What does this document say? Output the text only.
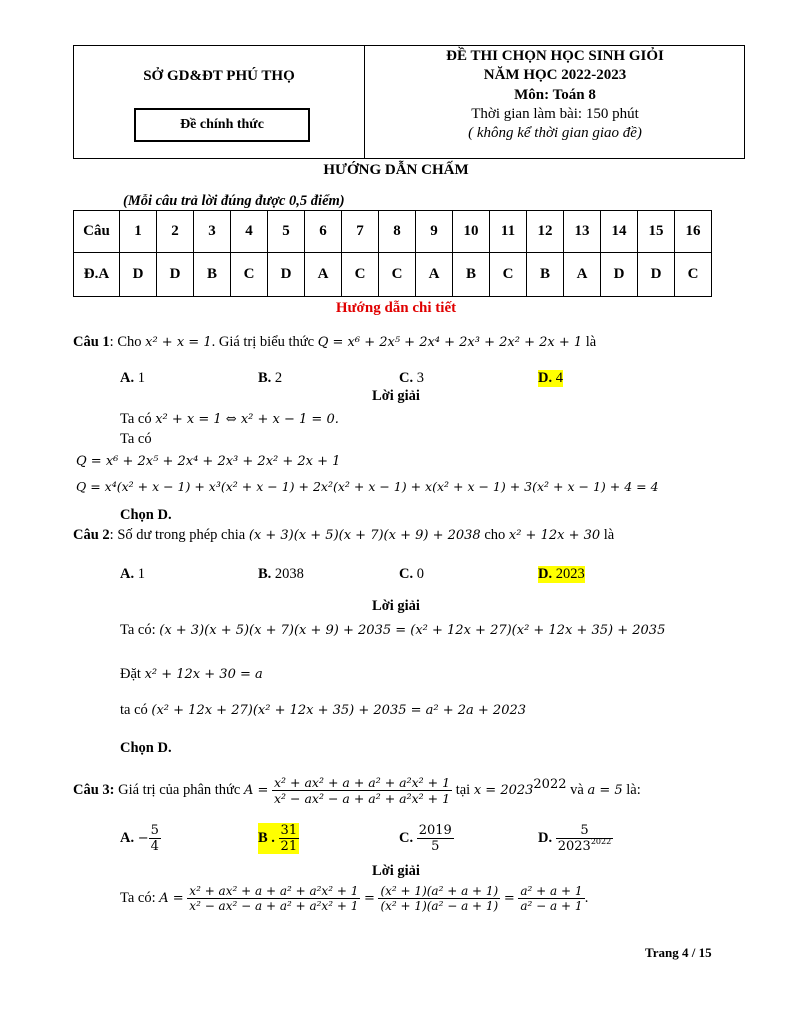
SỞ GD&ĐT PHÚ THỌ
Đề chính thức
ĐỀ THI CHỌN HỌC SINH GIỎI
NĂM HỌC 2022-2023
Môn: Toán 8
Thời gian làm bài: 150 phút
( không kể thời gian giao đề)
HƯỚNG DẪN CHẤM
(Mỗi câu trả lời đúng được 0,5 điểm)
Câu	1	2	3	4	5	6	7	8	9	10	11	12	13	14	15	16
Đ.A	D	D	B	C	D	A	C	C	A	B	C	B	A	D	D	C
Hướng dẫn chi tiết
Câu 1: Cho x² + x = 1. Giá trị biểu thức Q = x⁶ + 2x⁵ + 2x⁴ + 2x³ + 2x² + 2x + 1 là
A. 1	B. 2	C. 3	D. 4
Lời giải
Ta có x² + x = 1 ⇔ x² + x − 1 = 0.
Ta có
Q = x⁶ + 2x⁵ + 2x⁴ + 2x³ + 2x² + 2x + 1
Q = x⁴(x² + x − 1) + x³(x² + x − 1) + 2x²(x² + x − 1) + x(x² + x − 1) + 3(x² + x − 1) + 4 = 4
Chọn D.
Câu 2: Số dư trong phép chia (x + 3)(x + 5)(x + 7)(x + 9) + 2038 cho x² + 12x + 30 là
A. 1	B. 2038	C. 0	D. 2023
Lời giải
Ta có: (x + 3)(x + 5)(x + 7)(x + 9) + 2035 = (x² + 12x + 27)(x² + 12x + 35) + 2035
Đặt x² + 12x + 30 = a
ta có (x² + 12x + 27)(x² + 12x + 35) + 2035 = a² + 2a + 2023
Chọn D.
Câu 3: Giá trị của phân thức $A = \frac{\text{x² + ax² + a + a² + a²x² + 1}}{\text{x² − ax² − a + a² + a²x² + 1}}$ tại $x = 2023^{2022}$ và a = 5 là:
A. − $\frac{5}{4}$	B . $\frac{31}{21}$	C. $\frac{2019}{5}$	D. $\frac{5}{2023^{2022}}$
Lời giải
Ta có: $A = \frac{\text{x² + ax² + a + a² + a²x² + 1}}{\text{x² − ax² − a + a² + a²x² + 1}} = \frac{\text{(x² + 1)(a² + a + 1)}}{\text{(x² + 1)(a² − a + 1)}} = \frac{\text{a² + a + 1}}{\text{a² − a + 1}}$ .
Trang 4 / 15
